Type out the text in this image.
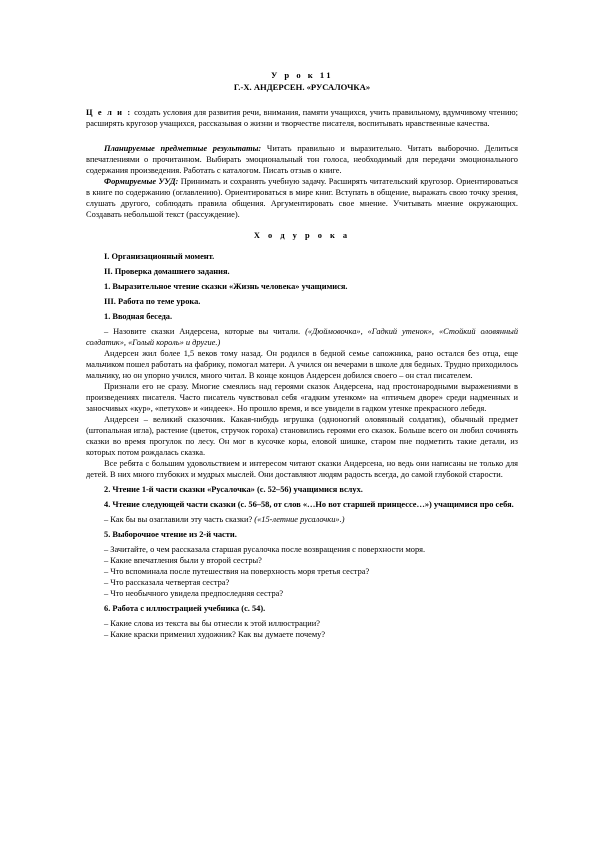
У р о к 11
Г.-Х. АНДЕРСЕН. «РУСАЛОЧКА»

Ц е л и : создать условия для развития речи, внимания, памяти учащихся, учить правильному, вдумчивому чтению; расширять кругозор учащихся, рассказывая о жизни и творчестве писателя, воспитывать нравственные качества.

Планируемые предметные результаты: Читать правильно и выразительно. Читать выборочно. Делиться впечатлениями о прочитанном. Выбирать эмоциональный тон голоса, необходимый для передачи эмоционального содержания произведения. Работать с каталогом. Писать отзыв о книге.

Формируемые УУД: Принимать и сохранять учебную задачу. Расширять читательский кругозор. Ориентироваться в книге по содержанию (оглавлению). Ориентироваться в мире книг. Вступать в общение, выражать свою точку зрения, слушать другого, соблюдать правила общения. Аргументировать свое мнение. Учитывать мнение окружающих. Создавать небольшой текст (рассуждение).

Х о д у р о к а

I. Организационный момент.

II. Проверка домашнего задания.

1. Выразительное чтение сказки «Жизнь человека» учащимися.

III. Работа по теме урока.

1. Вводная беседа.

– Назовите сказки Андерсена, которые вы читали. («Дюймовочка», «Гадкий утенок», «Стойкий оловянный солдатик», «Голый король» и другие.)

Андерсен жил более 1,5 веков тому назад. Он родился в бедной семье сапожника, рано остался без отца, еще мальчиком пошел работать на фабрику, помогал матери. А учился он вечерами в школе для бедных. Трудно приходилось мальчику, но он упорно учился, много читал. В конце концов Андерсен добился своего – он стал писателем.

Признали его не сразу. Многие смеялись над героями сказок Андерсена, над простонародными выражениями в произведениях писателя. Часто писатель чувствовал себя «гадким утенком» на «птичьем дворе» среди надменных и заносчивых «кур», «петухов» и «индеек». Но прошло время, и все увидели в гадком утенке прекрасного лебедя.

Андерсен – великий сказочник. Какая-нибудь игрушка (одноногий оловянный солдатик), обычный предмет (штопальная игла), растение (цветок, стручок гороха) становились героями его сказок. Больше всего он любил сочинять сказки во время прогулок по лесу. Он мог в кусочке коры, еловой шишке, старом пне подметить такие детали, из которых потом рождалась сказка.

Все ребята с большим удовольствием и интересом читают сказки Андерсена, но ведь они написаны не только для детей. В них много глубоких и мудрых мыслей. Они доставляют людям радость всегда, до самой глубокой старости.

2. Чтение 1-й части сказки «Русалочка» (с. 52–56) учащимися вслух.

4. Чтение следующей части сказки (с. 56–58, от слов «…Но вот старшей принцессе…») учащимися про себя.

– Как бы вы озаглавили эту часть сказки? («15-летние русалочки».)

5. Выборочное чтение из 2-й части.

– Зачитайте, о чем рассказала старшая русалочка после возвращения с поверхности моря.

– Какие впечатления были у второй сестры?

– Что вспоминала после путешествия на поверхность моря третья сестра?

– Что рассказала четвертая сестра?

– Что необычного увидела предпоследняя сестра?

6. Работа с иллюстрацией учебника (с. 54).

– Какие слова из текста вы бы отнесли к этой иллюстрации?

– Какие краски применил художник? Как вы думаете почему?
